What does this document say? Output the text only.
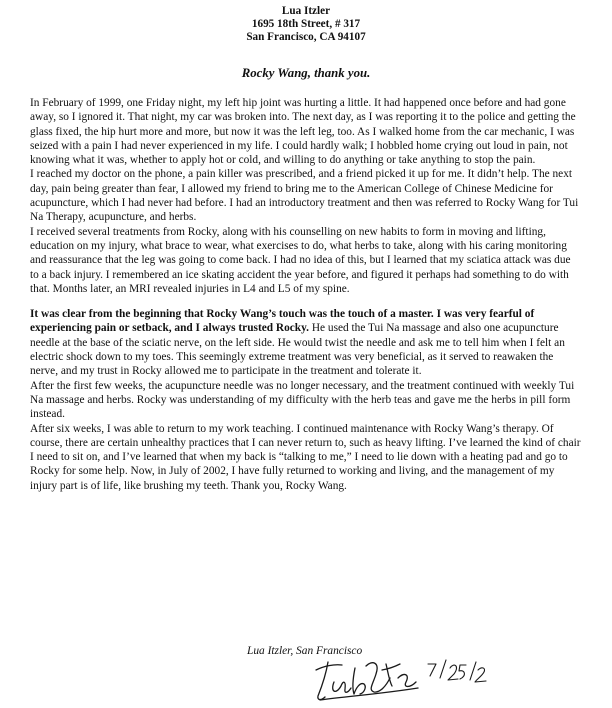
Lua Itzler
1695 18th Street, # 317
San Francisco, CA 94107
Rocky Wang, thank you.

In February of 1999, one Friday night, my left hip joint was hurting a little. It had happened once before and had gone away, so I ignored it. That night, my car was broken into. The next day, as I was reporting it to the police and getting the glass fixed, the hip hurt more and more, but now it was the left leg, too. As I walked home from the car mechanic, I was seized with a pain I had never experienced in my life. I could hardly walk; I hobbled home crying out loud in pain, not knowing what it was, whether to apply hot or cold, and willing to do anything or take anything to stop the pain.

I reached my doctor on the phone, a pain killer was prescribed, and a friend picked it up for me. It didn’t help. The next day, pain being greater than fear, I allowed my friend to bring me to the American College of Chinese Medicine for acupuncture, which I had never had before. I had an introductory treatment and then was referred to Rocky Wang for Tui Na Therapy, acupuncture, and herbs.

I received several treatments from Rocky, along with his counselling on new habits to form in moving and lifting, education on my injury, what brace to wear, what exercises to do, what herbs to take, along with his caring monitoring and reassurance that the leg was going to come back. I had no idea of this, but I learned that my sciatica attack was due to a back injury. I remembered an ice skating accident the year before, and figured it perhaps had something to do with that. Months later, an MRI revealed injuries in L4 and L5 of my spine.

It was clear from the beginning that Rocky Wang’s touch was the touch of a master. I was very fearful of experiencing pain or setback, and I always trusted Rocky. He used the Tui Na massage and also one acupuncture needle at the base of the sciatic nerve, on the left side. He would twist the needle and ask me to tell him when I felt an electric shock down to my toes. This seemingly extreme treatment was very beneficial, as it served to reawaken the nerve, and my trust in Rocky allowed me to participate in the treatment and tolerate it.

After the first few weeks, the acupuncture needle was no longer necessary, and the treatment continued with weekly Tui Na massage and herbs. Rocky was understanding of my difficulty with the herb teas and gave me the herbs in pill form instead.

After six weeks, I was able to return to my work teaching. I continued maintenance with Rocky Wang’s therapy. Of course, there are certain unhealthy practices that I can never return to, such as heavy lifting. I’ve learned the kind of chair I need to sit on, and I’ve learned that when my back is “talking to me,” I need to lie down with a heating pad and go to Rocky for some help. Now, in July of 2002, I have fully returned to working and living, and the management of my injury part is of life, like brushing my teeth. Thank you, Rocky Wang.

Lua Itzler, San Francisco
